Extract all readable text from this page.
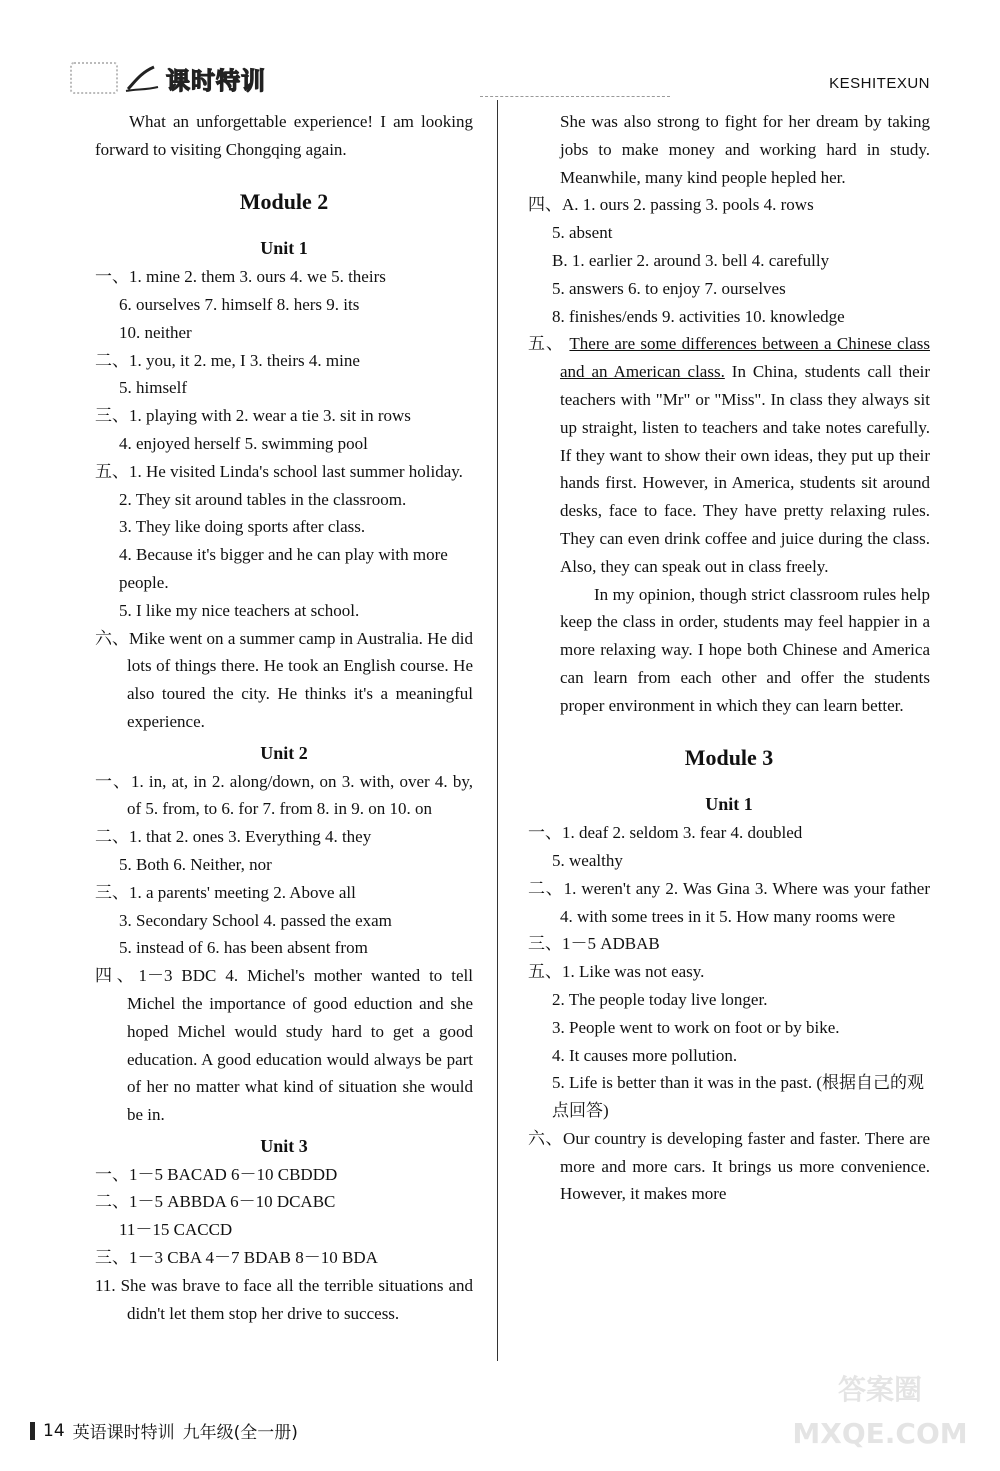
课时特训	KESHITEXUN

What an unforgettable experience! I am looking forward to visiting Chongqing again.

Module 2
Unit 1

一、1. mine 2. them 3. ours 4. we 5. theirs

6. ourselves 7. himself 8. hers 9. its

10. neither

二、1. you, it 2. me, I 3. theirs 4. mine

5. himself

三、1. playing with 2. wear a tie 3. sit in rows

4. enjoyed herself 5. swimming pool

五、1. He visited Linda's school last summer holiday.

2. They sit around tables in the classroom.

3. They like doing sports after class.

4. Because it's bigger and he can play with more people.

5. I like my nice teachers at school.

六、Mike went on a summer camp in Australia. He did lots of things there. He took an English course. He also toured the city. He thinks it's a meaningful experience.

Unit 2

一、1. in, at, in 2. along/down, on 3. with, over 4. by, of 5. from, to 6. for 7. from 8. in 9. on 10. on

二、1. that 2. ones 3. Everything 4. they

5. Both 6. Neither, nor

三、1. a parents' meeting 2. Above all

3. Secondary School 4. passed the exam

5. instead of 6. has been absent from

四、1－3 BDC 4. Michel's mother wanted to tell Michel the importance of good eduction and she hoped Michel would study hard to get a good education. A good education would always be part of her no matter what kind of situation she would be in.

Unit 3

一、1－5 BACAD 6－10 CBDDD

二、1－5 ABBDA 6－10 DCABC

11－15 CACCD

三、1－3 CBA 4－7 BDAB 8－10 BDA

11. She was brave to face all the terrible situations and didn't let them stop her drive to success.

She was also strong to fight for her dream by taking jobs to make money and working hard in study. Meanwhile, many kind people hepled her.

四、A. 1. ours 2. passing 3. pools 4. rows

5. absent

B. 1. earlier 2. around 3. bell 4. carefully

5. answers 6. to enjoy 7. ourselves

8. finishes/ends 9. activities 10. knowledge

五、 There are some differences between a Chinese class and an American class. In China, students call their teachers with "Mr" or "Miss". In class they always sit up straight, listen to teachers and take notes carefully. If they want to show their own ideas, they put up their hands first. However, in America, students sit around desks, face to face. They have pretty relaxing rules. They can even drink coffee and juice during the class. Also, they can speak out in class freely.

In my opinion, though strict classroom rules help keep the class in order, students may feel happier in a more relaxing way. I hope both Chinese and America can learn from each other and offer the students proper environment in which they can learn better.

Module 3
Unit 1

一、1. deaf 2. seldom 3. fear 4. doubled

5. wealthy

二、1. weren't any 2. Was Gina 3. Where was your father 4. with some trees in it 5. How many rooms were

三、1－5 ADBAB

五、1. Like was not easy.

2. The people today live longer.

3. People went to work on foot or by bike.

4. It causes more pollution.

5. Life is better than it was in the past. (根据自己的观点回答)

六、Our country is developing faster and faster. There are more and more cars. It brings us more convenience. However, it makes more

14 英语课时特训 九年级(全一册)
答案圈
MXQE.COM
